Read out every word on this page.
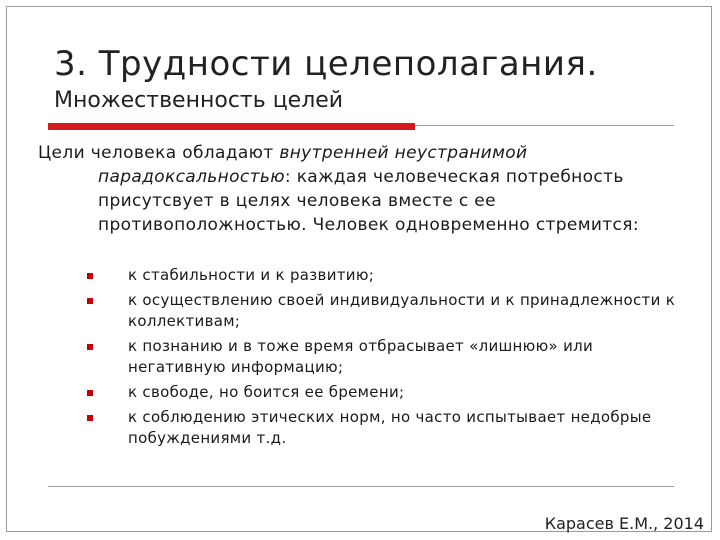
3. Трудности целеполагания.
Множественность целей

Цели человека обладают внутренней неустранимой парадоксальностью: каждая человеческая потребность присутсвует в целях человека вместе с ее противоположностью. Человек одновременно стремится:

к стабильности и к развитию;
к осуществлению своей индивидуальности и к принадлежности к коллективам;
к познанию и в тоже время отбрасывает «лишнюю» или негативную информацию;
к свободе, но боится ее бремени;
к соблюдению этических норм, но часто испытывает недобрые побуждениями т.д.
Карасев Е.М., 2014
